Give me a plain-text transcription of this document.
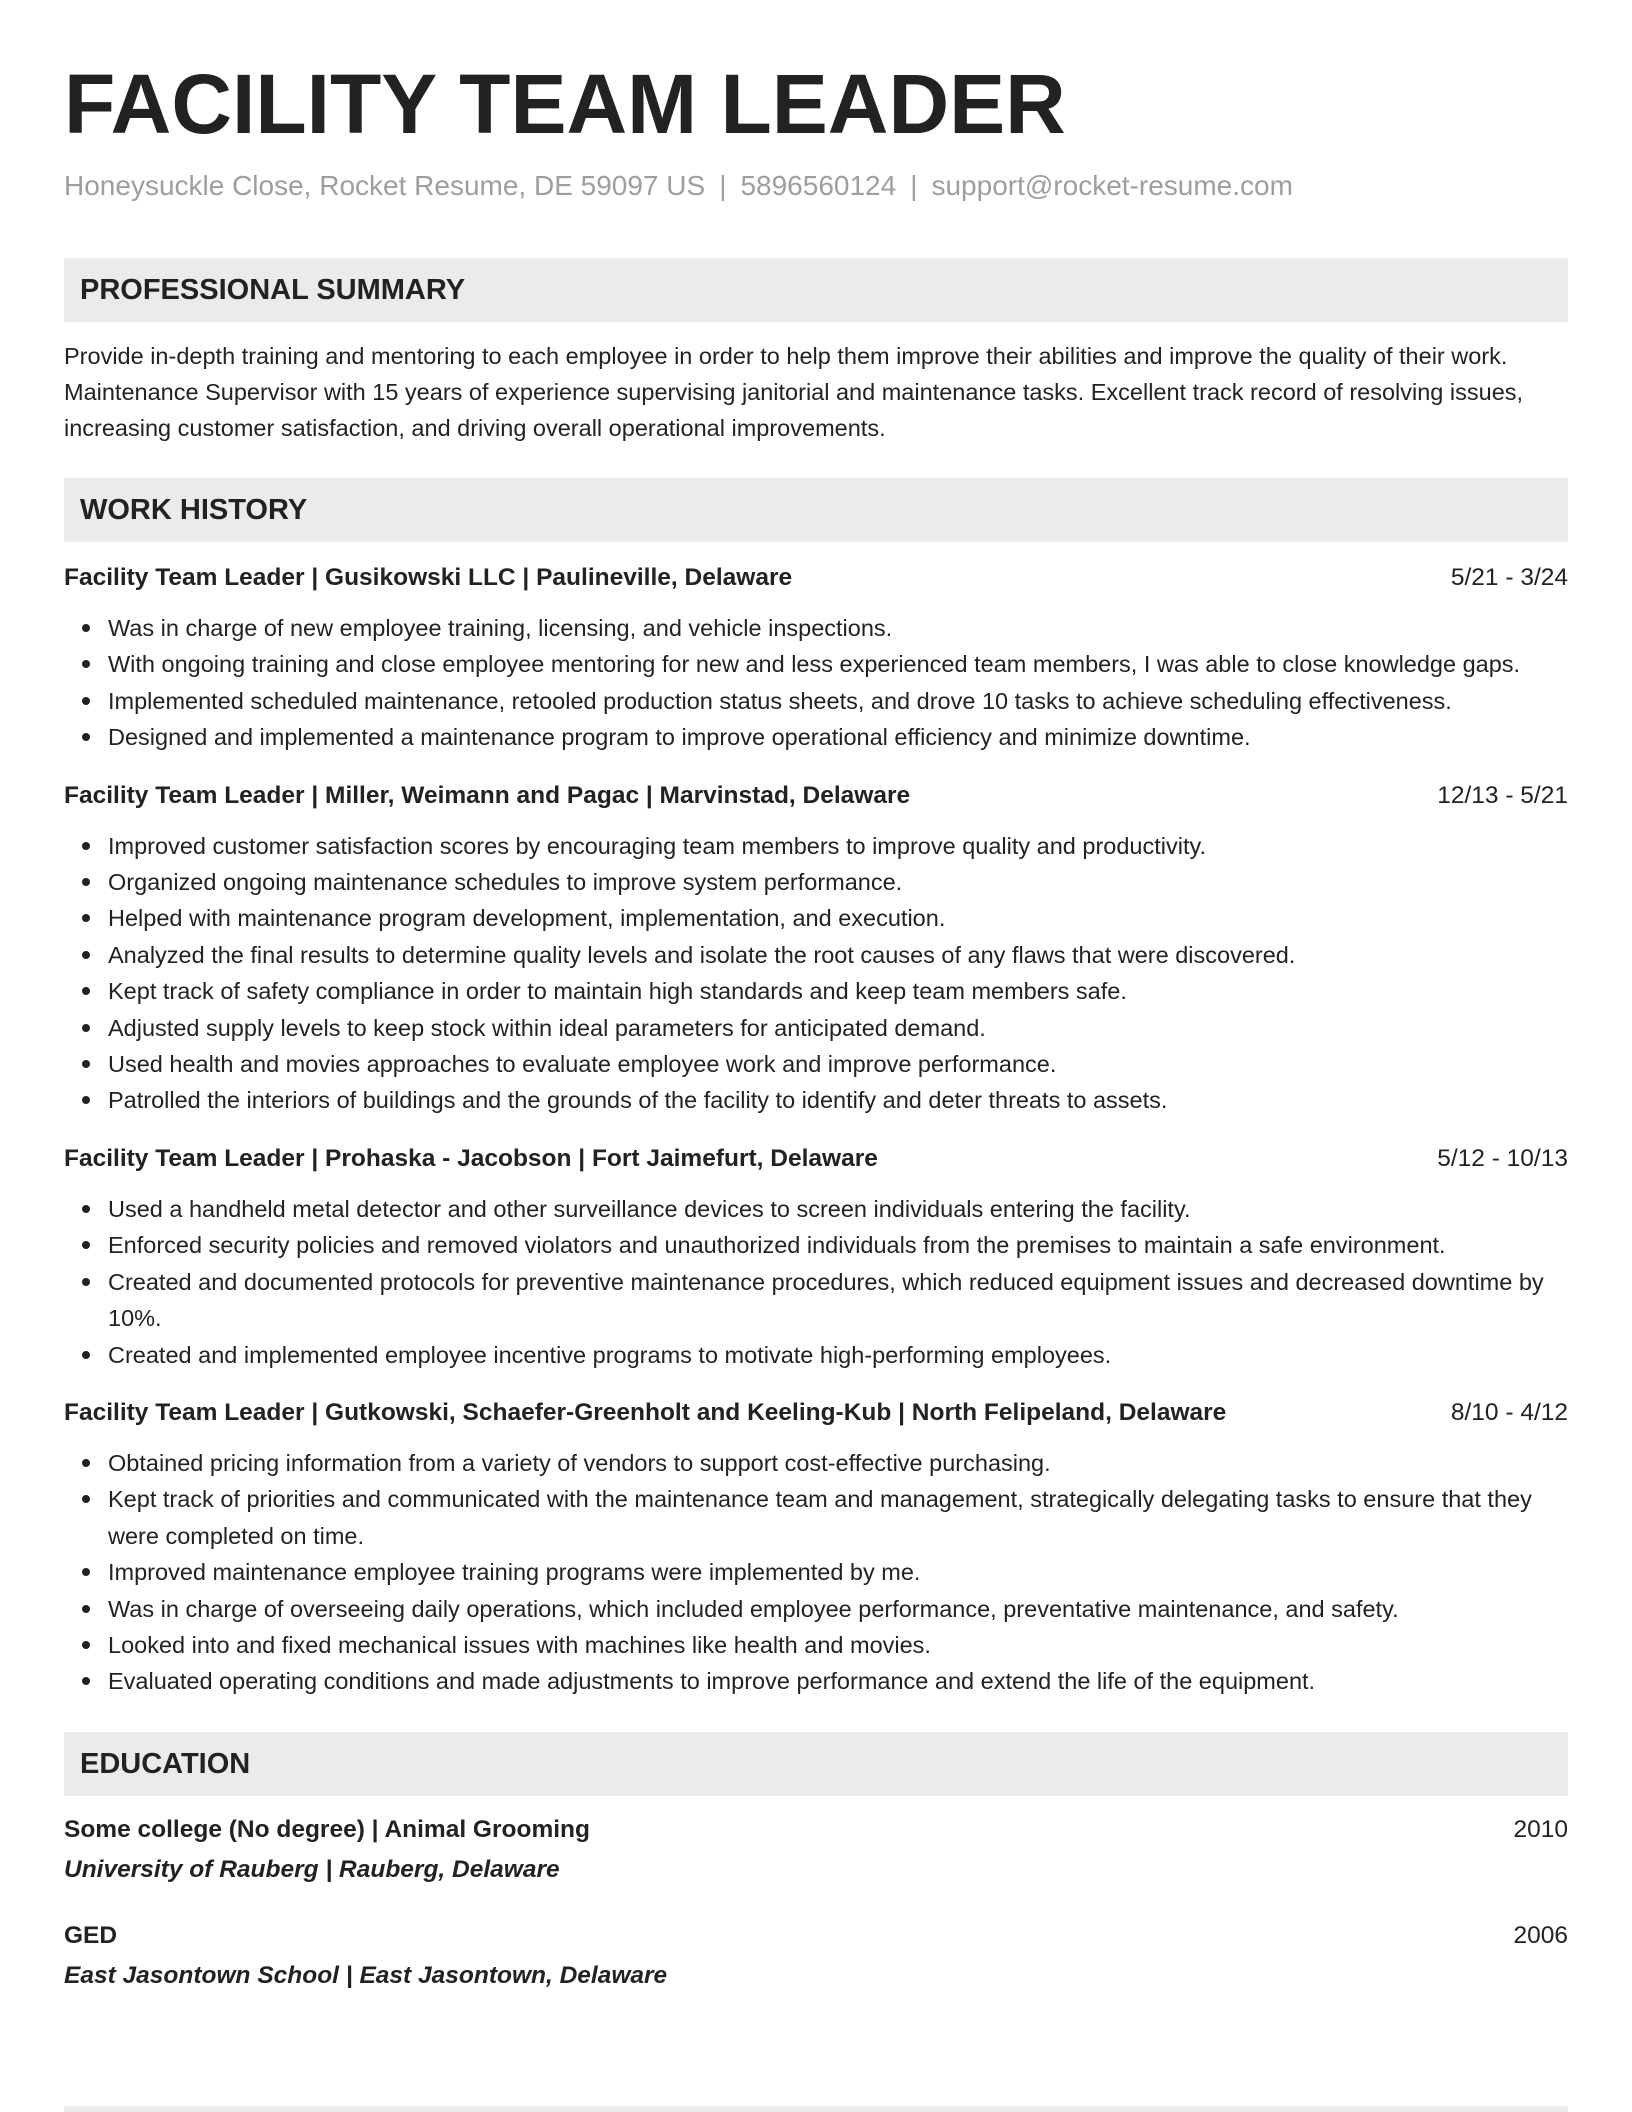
FACILITY TEAM LEADER
Honeysuckle Close, Rocket Resume, DE 59097 US | 5896560124 | support@rocket-resume.com
PROFESSIONAL SUMMARY
Provide in-depth training and mentoring to each employee in order to help them improve their abilities and improve the quality of their work. Maintenance Supervisor with 15 years of experience supervising janitorial and maintenance tasks. Excellent track record of resolving issues, increasing customer satisfaction, and driving overall operational improvements.
WORK HISTORY
Facility Team Leader | Gusikowski LLC | Paulineville, Delaware	5/21 - 3/24
Was in charge of new employee training, licensing, and vehicle inspections.
With ongoing training and close employee mentoring for new and less experienced team members, I was able to close knowledge gaps.
Implemented scheduled maintenance, retooled production status sheets, and drove 10 tasks to achieve scheduling effectiveness.
Designed and implemented a maintenance program to improve operational efficiency and minimize downtime.
Facility Team Leader | Miller, Weimann and Pagac | Marvinstad, Delaware	12/13 - 5/21
Improved customer satisfaction scores by encouraging team members to improve quality and productivity.
Organized ongoing maintenance schedules to improve system performance.
Helped with maintenance program development, implementation, and execution.
Analyzed the final results to determine quality levels and isolate the root causes of any flaws that were discovered.
Kept track of safety compliance in order to maintain high standards and keep team members safe.
Adjusted supply levels to keep stock within ideal parameters for anticipated demand.
Used health and movies approaches to evaluate employee work and improve performance.
Patrolled the interiors of buildings and the grounds of the facility to identify and deter threats to assets.
Facility Team Leader | Prohaska - Jacobson | Fort Jaimefurt, Delaware	5/12 - 10/13
Used a handheld metal detector and other surveillance devices to screen individuals entering the facility.
Enforced security policies and removed violators and unauthorized individuals from the premises to maintain a safe environment.
Created and documented protocols for preventive maintenance procedures, which reduced equipment issues and decreased downtime by 10%.
Created and implemented employee incentive programs to motivate high-performing employees.
Facility Team Leader | Gutkowski, Schaefer-Greenholt and Keeling-Kub | North Felipeland, Delaware	8/10 - 4/12
Obtained pricing information from a variety of vendors to support cost-effective purchasing.
Kept track of priorities and communicated with the maintenance team and management, strategically delegating tasks to ensure that they were completed on time.
Improved maintenance employee training programs were implemented by me.
Was in charge of overseeing daily operations, which included employee performance, preventative maintenance, and safety.
Looked into and fixed mechanical issues with machines like health and movies.
Evaluated operating conditions and made adjustments to improve performance and extend the life of the equipment.
EDUCATION
Some college (No degree) | Animal Grooming	2010
University of Rauberg | Rauberg, Delaware
GED	2006
East Jasontown School | East Jasontown, Delaware
